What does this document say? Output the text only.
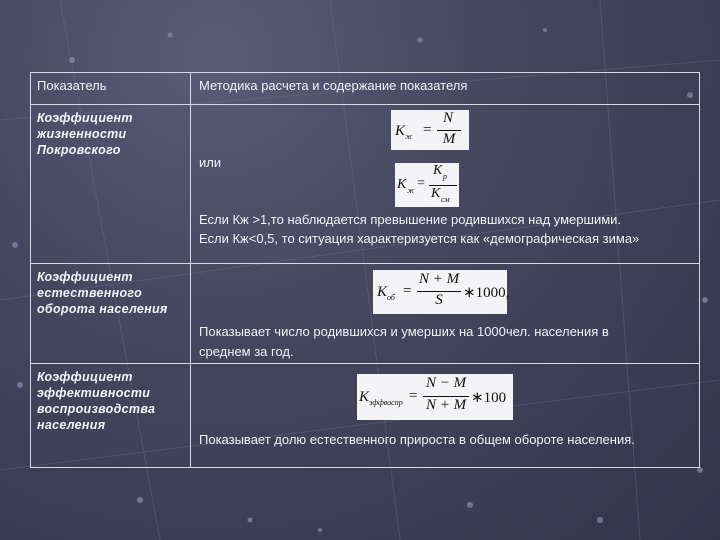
Показатель	Методика расчета и содержание показателя
Коэффициент жизненности Покровского
K ж =
N
M
или
K ж =
K р
K см
Если Кж >1,то наблюдается превышение родившихся над умершими.
Если Кж<0,5, то ситуация характеризуется как «демографическая зима»
Коэффициент естественного оборота населения
K об =
N + M
S	∗1000,
Показывает число родившихся и умерших на 1000чел. населения в среднем за год.
Коэффициент эффективности воспроизводства населения
K эффвоспр =
N − M
N + M ∗100
Показывает долю естественного прироста в общем обороте населения.
